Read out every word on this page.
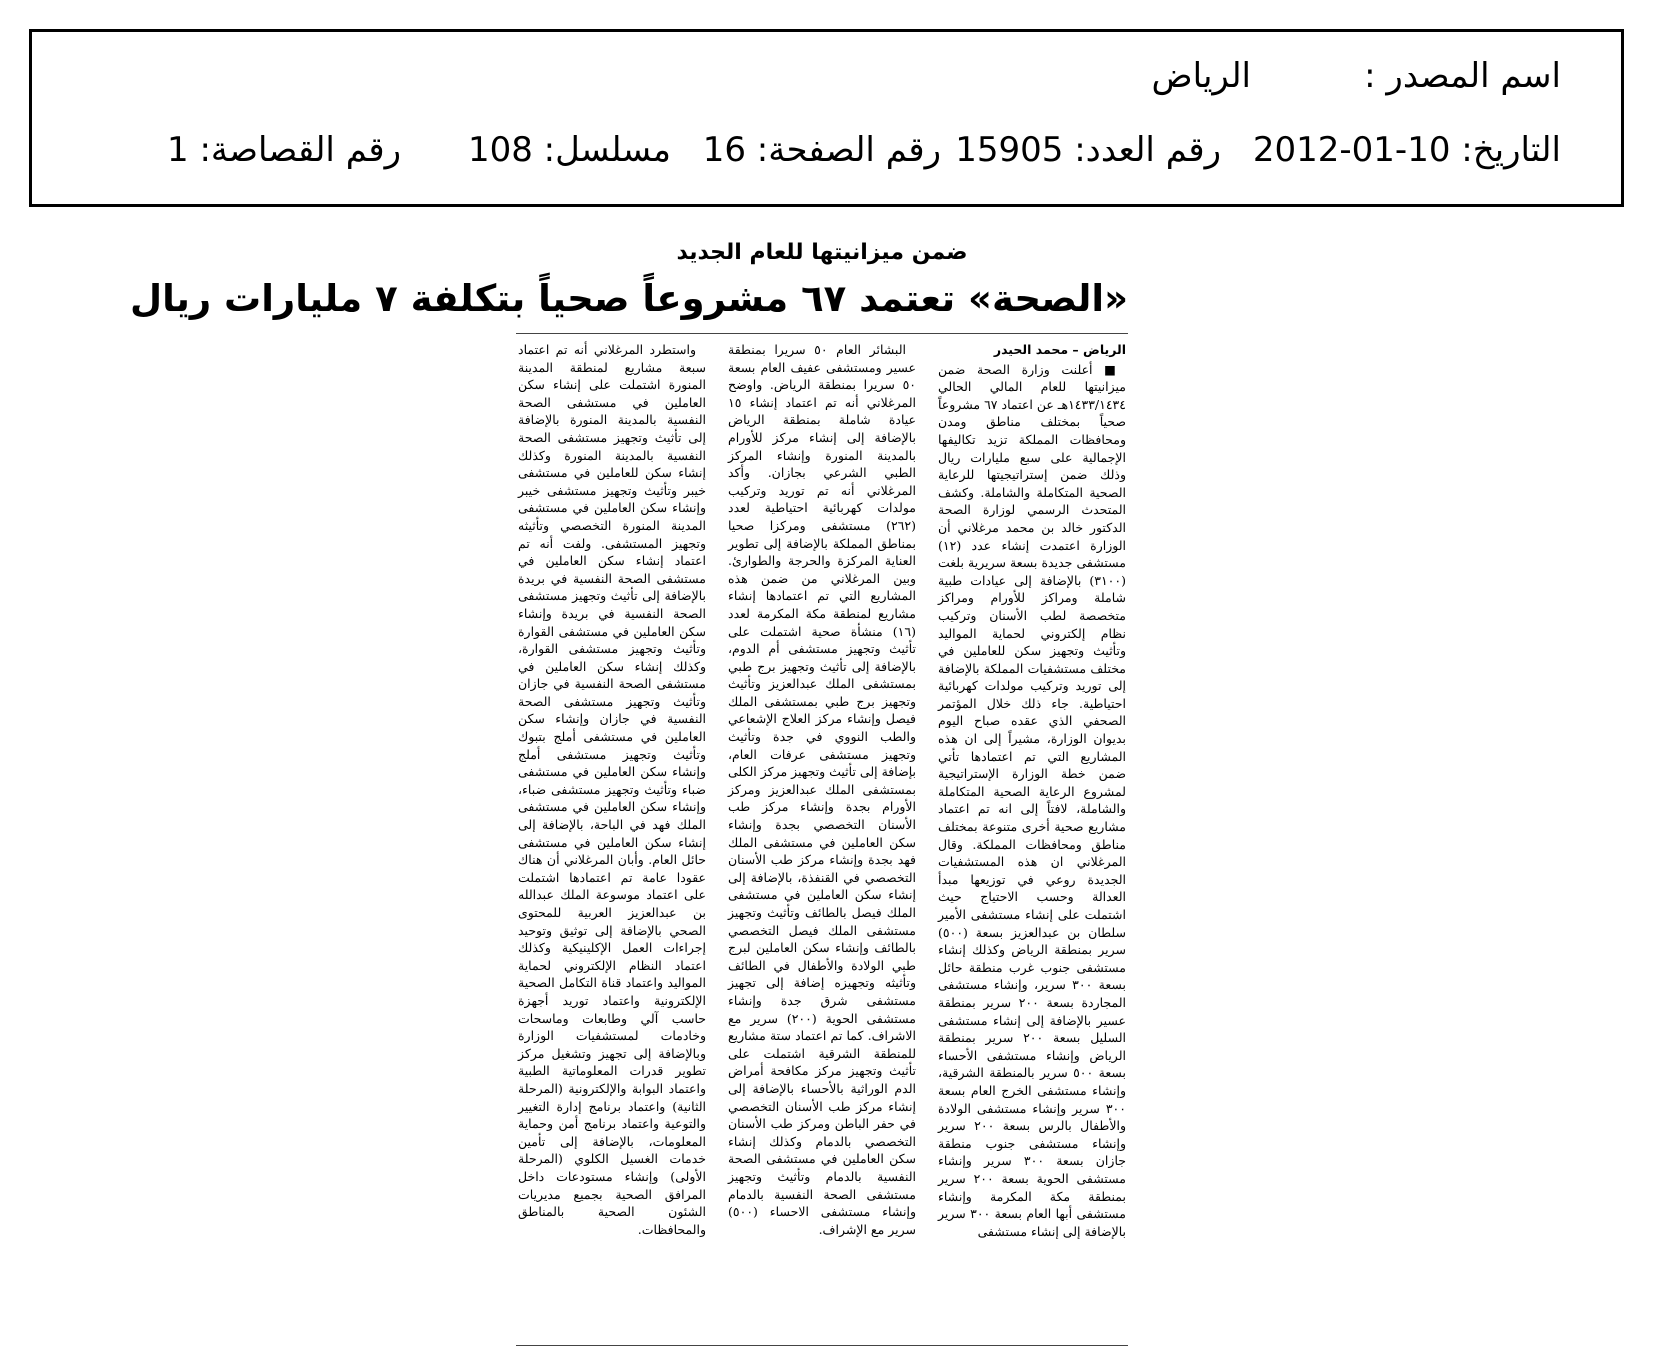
اسم المصدر :
الرياض
التاريخ: 10-01-2012
رقم العدد: 15905
رقم الصفحة: 16
مسلسل: 108
رقم القصاصة: 1
ضمن ميزانيتها للعام الجديد
«الصحة» تعتمد ٦٧ مشروعاً صحياً بتكلفة ٧ مليارات ريال
الرياض – محمد الحيدر

■ أعلنت وزارة الصحة ضمن ميزانيتها للعام المالي الحالي ١٤٣٣/١٤٣٤هـ عن اعتماد ٦٧ مشروعاً صحياً بمختلف مناطق ومدن ومحافظات المملكة تزيد تكاليفها الإجمالية على سبع مليارات ريال وذلك ضمن إستراتيجيتها للرعاية الصحية المتكاملة والشاملة. وكشف المتحدث الرسمي لوزارة الصحة الدكتور خالد بن محمد مرغلاني أن الوزارة اعتمدت إنشاء عدد (١٢) مستشفى جديدة بسعة سريرية بلغت (٣١٠٠) بالإضافة إلى عيادات طبية شاملة ومراكز للأورام ومراكز متخصصة لطب الأسنان وتركيب نظام إلكتروني لحماية المواليد وتأثيث وتجهيز سكن للعاملين في مختلف مستشفيات المملكة بالإضافة إلى توريد وتركيب مولدات كهربائية احتياطية. جاء ذلك خلال المؤتمر الصحفي الذي عقده صباح اليوم بديوان الوزارة، مشيراً إلى ان هذه المشاريع التي تم اعتمادها تأتي ضمن خطة الوزارة الإستراتيجية لمشروع الرعاية الصحية المتكاملة والشاملة، لافتاً إلى انه تم اعتماد مشاريع صحية أخرى متنوعة بمختلف مناطق ومحافظات المملكة. وقال المرغلاني ان هذه المستشفيات الجديدة روعي في توزيعها مبدأ العدالة وحسب الاحتياج حيث اشتملت على إنشاء مستشفى الأمير سلطان بن عبدالعزيز بسعة (٥٠٠) سرير بمنطقة الرياض وكذلك إنشاء مستشفى جنوب غرب منطقة حائل بسعة ٣٠٠ سرير، وإنشاء مستشفى المجاردة بسعة ٢٠٠ سرير بمنطقة عسير بالإضافة إلى إنشاء مستشفى السليل بسعة ٢٠٠ سرير بمنطقة الرياض وإنشاء مستشفى الأحساء بسعة ٥٠٠ سرير بالمنطقة الشرقية، وإنشاء مستشفى الخرج العام بسعة ٣٠٠ سرير وإنشاء مستشفى الولادة والأطفال بالرس بسعة ٢٠٠ سرير وإنشاء مستشفى جنوب منطقة جازان بسعة ٣٠٠ سرير وإنشاء مستشفى الحوية بسعة ٢٠٠ سرير بمنطقة مكة المكرمة وإنشاء مستشفى أبها العام بسعة ٣٠٠ سرير بالإضافة إلى إنشاء مستشفى

البشائر العام ٥٠ سريرا بمنطقة عسير ومستشفى عفيف العام بسعة ٥٠ سريرا بمنطقة الرياض. واوضح المرغلاني أنه تم اعتماد إنشاء ١٥ عيادة شاملة بمنطقة الرياض بالإضافة إلى إنشاء مركز للأورام بالمدينة المنورة وإنشاء المركز الطبي الشرعي بجازان. وأكد المرغلاني أنه تم توريد وتركيب مولدات كهربائية احتياطية لعدد (٢٦٢) مستشفى ومركزا صحيا بمناطق المملكة بالإضافة إلى تطوير العناية المركزة والحرجة والطوارئ. وبين المرغلاني من ضمن هذه المشاريع التي تم اعتمادها إنشاء مشاريع لمنطقة مكة المكرمة لعدد (١٦) منشأة صحية اشتملت على تأثيث وتجهيز مستشفى أم الدوم، بالإضافة إلى تأثيث وتجهيز برج طبي بمستشفى الملك عبدالعزيز وتأثيث وتجهيز برج طبي بمستشفى الملك فيصل وإنشاء مركز العلاج الإشعاعي والطب النووي في جدة وتأثيث وتجهيز مستشفى عرفات العام، بإضافة إلى تأثيث وتجهيز مركز الكلى بمستشفى الملك عبدالعزيز ومركز الأورام بجدة وإنشاء مركز طب الأسنان التخصصي بجدة وإنشاء سكن العاملين في مستشفى الملك فهد بجدة وإنشاء مركز طب الأسنان التخصصي في القنفذة، بالإضافة إلى إنشاء سكن العاملين في مستشفى الملك فيصل بالطائف وتأثيث وتجهيز مستشفى الملك فيصل التخصصي بالطائف وإنشاء سكن العاملين لبرج طبي الولادة والأطفال في الطائف وتأثيثه وتجهيزه إضافة إلى تجهيز مستشفى شرق جدة وإنشاء مستشفى الحوية (٢٠٠) سرير مع الاشراف. كما تم اعتماد ستة مشاريع للمنطقة الشرقية اشتملت على تأثيث وتجهيز مركز مكافحة أمراض الدم الوراثية بالأحساء بالإضافة إلى إنشاء مركز طب الأسنان التخصصي في حفر الباطن ومركز طب الأسنان التخصصي بالدمام وكذلك إنشاء سكن العاملين في مستشفى الصحة النفسية بالدمام وتأثيث وتجهيز مستشفى الصحة النفسية بالدمام وإنشاء مستشفى الاحساء (٥٠٠) سرير مع الإشراف.

واستطرد المرغلاني أنه تم اعتماد سبعة مشاريع لمنطقة المدينة المنورة اشتملت على إنشاء سكن العاملين في مستشفى الصحة النفسية بالمدينة المنورة بالإضافة إلى تأثيث وتجهيز مستشفى الصحة النفسية بالمدينة المنورة وكذلك إنشاء سكن للعاملين في مستشفى خيبر وتأثيث وتجهيز مستشفى خيبر وإنشاء سكن العاملين في مستشفى المدينة المنورة التخصصي وتأثيثه وتجهيز المستشفى. ولفت أنه تم اعتماد إنشاء سكن العاملين في مستشفى الصحة النفسية في بريدة بالإضافة إلى تأثيث وتجهيز مستشفى الصحة النفسية في بريدة وإنشاء سكن العاملين في مستشفى القوارة وتأثيث وتجهيز مستشفى القوارة، وكذلك إنشاء سكن العاملين في مستشفى الصحة النفسية في جازان وتأثيث وتجهيز مستشفى الصحة النفسية في جازان وإنشاء سكن العاملين في مستشفى أملج بتبوك وتأثيث وتجهيز مستشفى أملج وإنشاء سكن العاملين في مستشفى ضباء وتأثيث وتجهيز مستشفى ضباء، وإنشاء سكن العاملين في مستشفى الملك فهد في الباحة، بالإضافة إلى إنشاء سكن العاملين في مستشفى حائل العام. وأبان المرغلاني أن هناك عقودا عامة تم اعتمادها اشتملت على اعتماد موسوعة الملك عبدالله بن عبدالعزيز العربية للمحتوى الصحي بالإضافة إلى توثيق وتوحيد إجراءات العمل الإكلينيكية وكذلك اعتماد النظام الإلكتروني لحماية المواليد واعتماد قناة التكامل الصحية الإلكترونية واعتماد توريد أجهزة حاسب آلي وطابعات وماسحات وخادمات لمستشفيات الوزارة وبالإضافة إلى تجهيز وتشغيل مركز تطوير قدرات المعلوماتية الطبية واعتماد البوابة والإلكترونية (المرحلة الثانية) واعتماد برنامج إدارة التغيير والتوعية واعتماد برنامج أمن وحماية المعلومات، بالإضافة إلى تأمين خدمات الغسيل الكلوي (المرحلة الأولى) وإنشاء مستودعات داخل المرافق الصحية بجميع مديريات الشئون الصحية بالمناطق والمحافظات.
